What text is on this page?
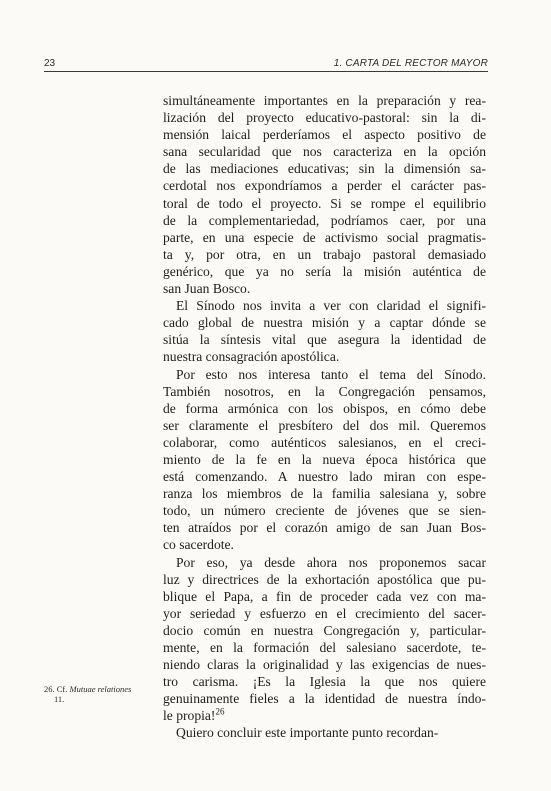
23	1. CARTA DEL RECTOR MAYOR
simultáneamente importantes en la preparación y rea-
lización del proyecto educativo-pastoral: sin la di-
mensión laical perderíamos el aspecto positivo de
sana secularidad que nos caracteriza en la opción
de las mediaciones educativas; sin la dimensión sa-
cerdotal nos expondríamos a perder el carácter pas-
toral de todo el proyecto. Si se rompe el equilibrio
de la complementariedad, podríamos caer, por una
parte, en una especie de activismo social pragmatis-
ta y, por otra, en un trabajo pastoral demasiado
genérico, que ya no sería la misión auténtica de
san Juan Bosco.
El Sínodo nos invita a ver con claridad el signifi-
cado global de nuestra misión y a captar dónde se
sitúa la síntesis vital que asegura la identidad de
nuestra consagración apostólica.
Por esto nos interesa tanto el tema del Sínodo.
También nosotros, en la Congregación pensamos,
de forma armónica con los obispos, en cómo debe
ser claramente el presbítero del dos mil. Queremos
colaborar, como auténticos salesianos, en el creci-
miento de la fe en la nueva época histórica que
está comenzando. A nuestro lado miran con espe-
ranza los miembros de la familia salesiana y, sobre
todo, un número creciente de jóvenes que se sien-
ten atraídos por el corazón amigo de san Juan Bos-
co sacerdote.
Por eso, ya desde ahora nos proponemos sacar
luz y directrices de la exhortación apostólica que pu-
blique el Papa, a fin de proceder cada vez con ma-
yor seriedad y esfuerzo en el crecimiento del sacer-
docio común en nuestra Congregación y, particular-
mente, en la formación del salesiano sacerdote, te-
niendo claras la originalidad y las exigencias de nues-
tro carisma. ¡Es la Iglesia la que nos quiere
genuinamente fieles a la identidad de nuestra índo-
le propia!$^{26}$
Quiero concluir este importante punto recordan-
26. Cf. Mutuae relationes
11.
